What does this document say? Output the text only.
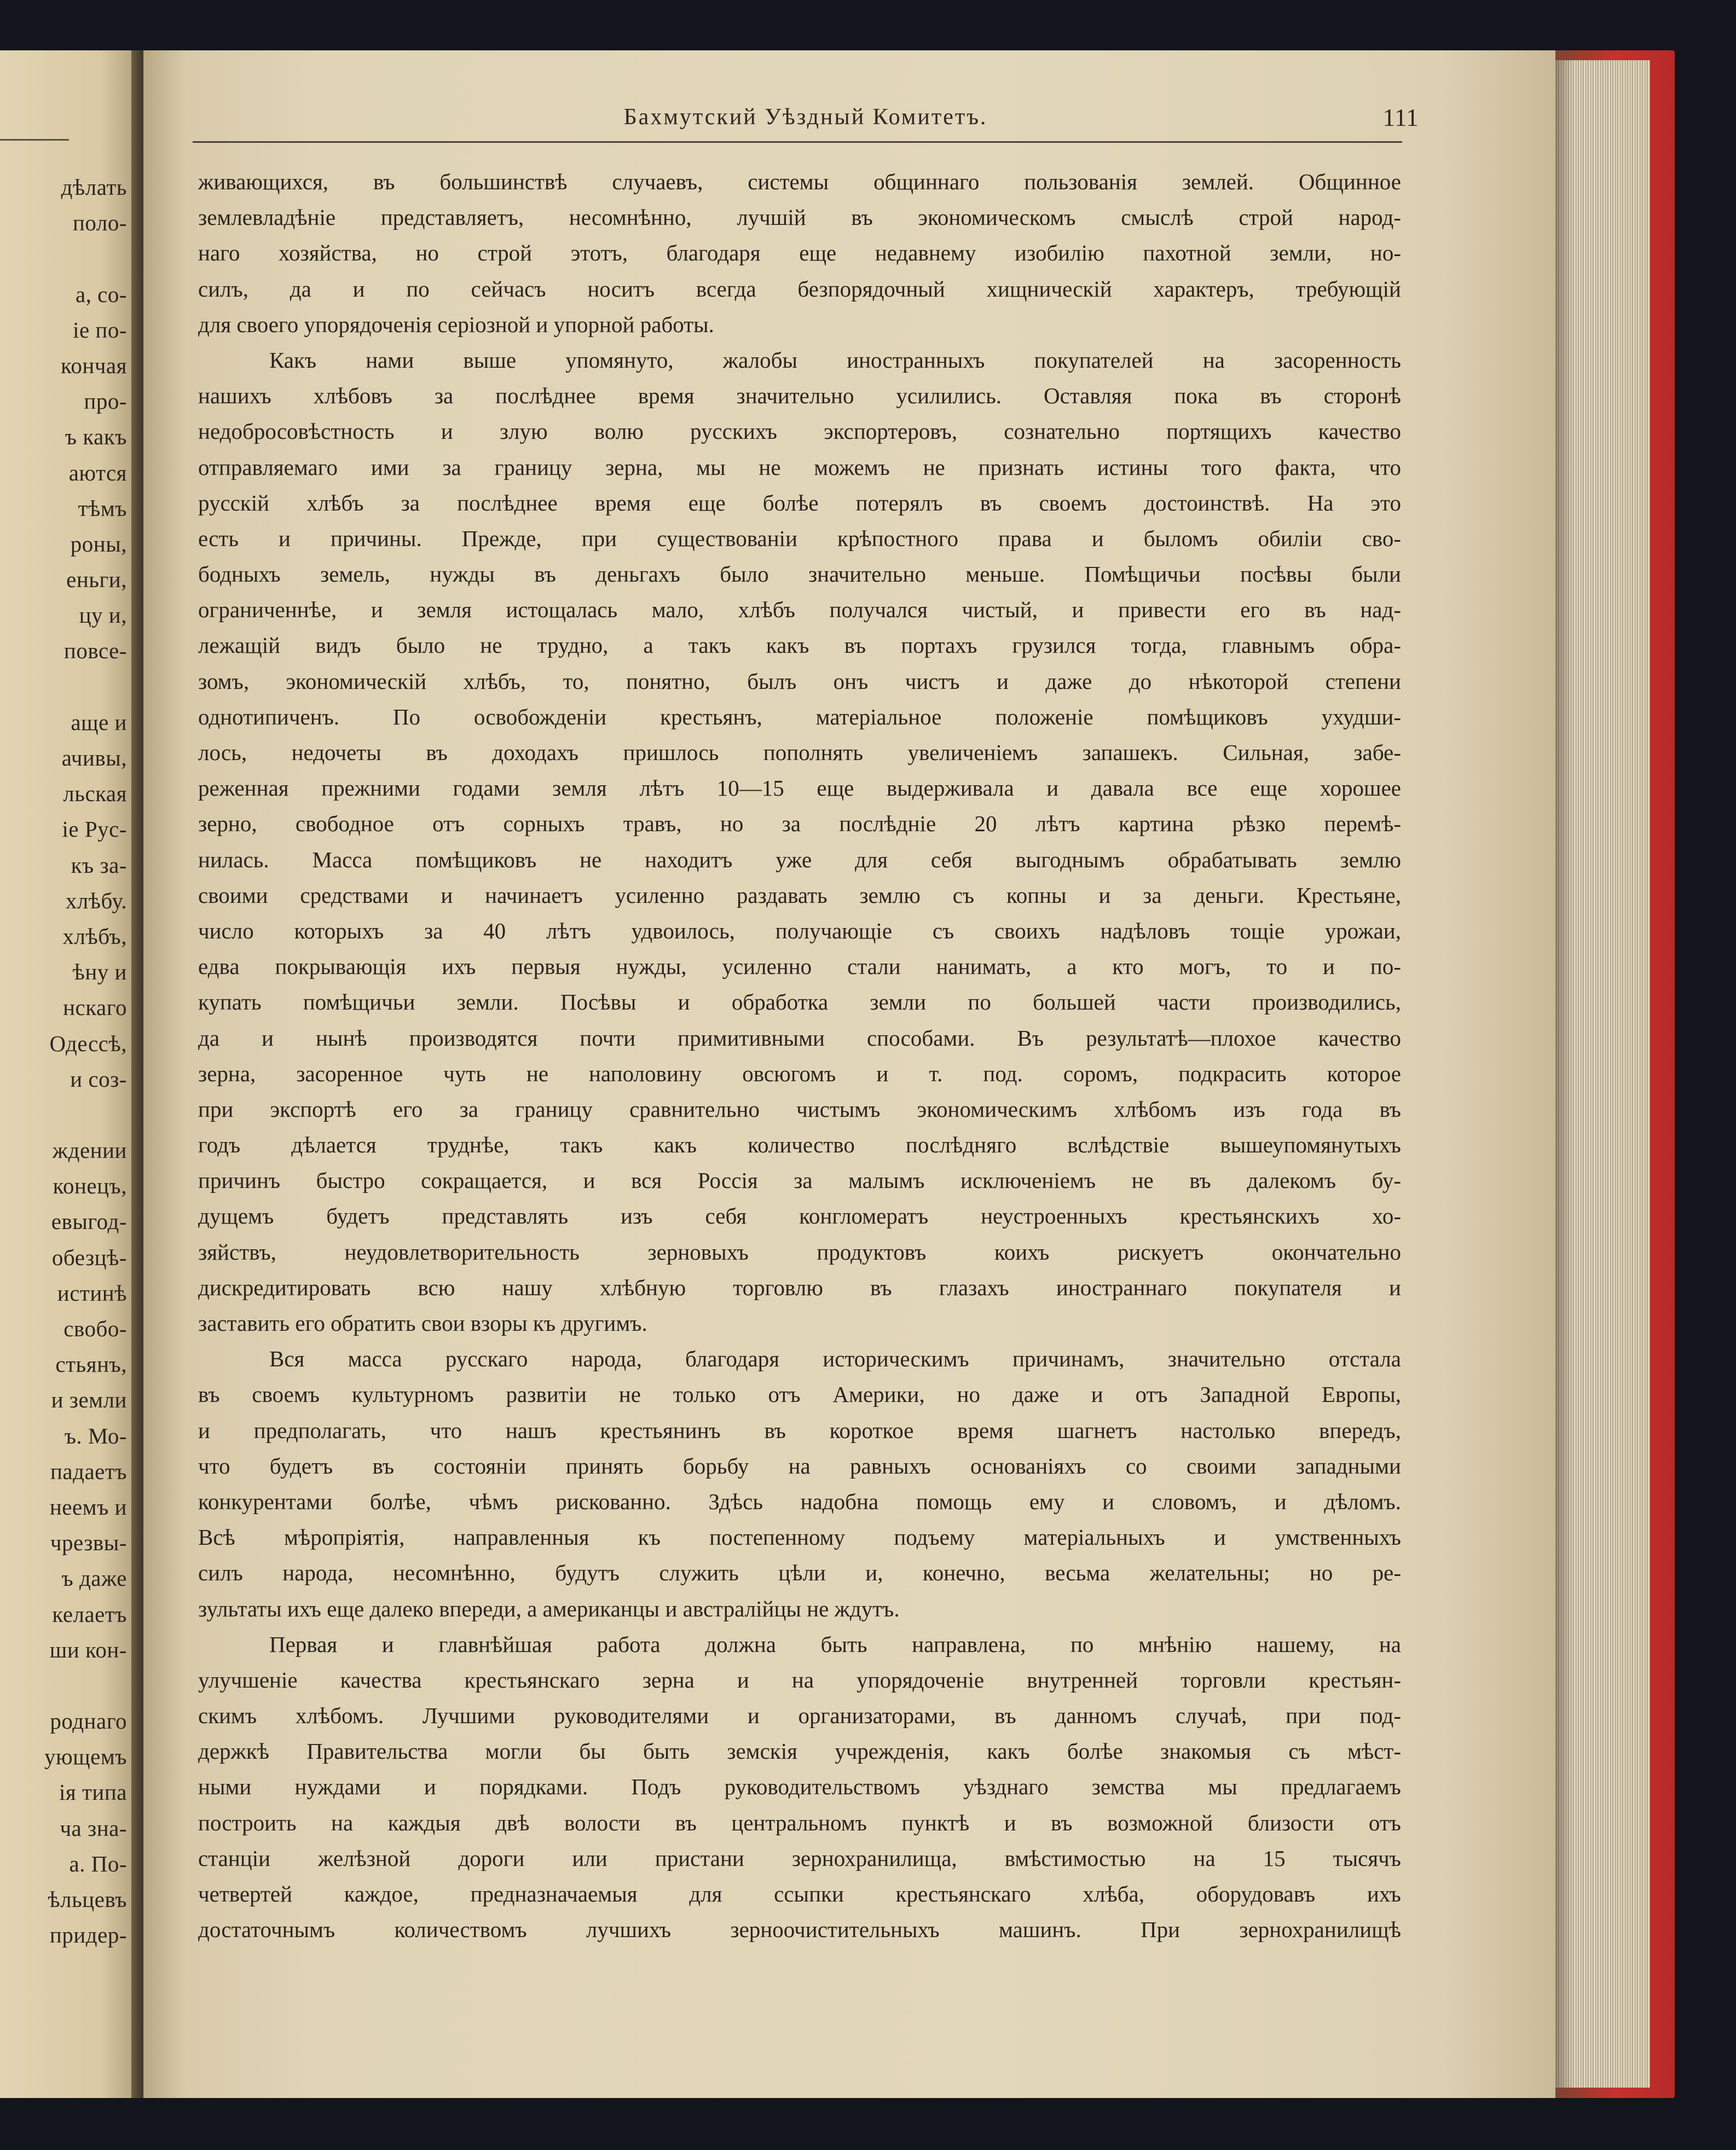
дѣлать
поло-
а, со-
ie по-
кончая
про-
ъ какъ
аются
тѣмъ
роны,
еньги,
цу и,
повсе-
аще и
ачивы,
льская
ie Рус-
къ за-
хлѣбу.
хлѣбъ,
ѣну и
нскаго
Одессѣ,
и соз-
ждении
конецъ,
евыгод-
обезцѣ-
истинѣ
свобо-
стьянъ,
и земли
ъ. Мо-
падаетъ
неемъ и
чрезвы-
ъ даже
келаетъ
ши кон-
роднаго
ующемъ
iя типа
ча зна-
а. По-
ѣльцевъ
придер-
Бахмутский Уѣздный Комитетъ.	111
живающихся, въ большинствѣ случаевъ, системы общиннаго пользованiя землей. Общинное
землевладѣнiе представляетъ, несомнѣнно, лучшiй въ экономическомъ смыслѣ строй народ-
наго хозяйства, но строй этотъ, благодаря еще недавнему изобилiю пахотной земли, но-
силъ, да и по сейчасъ носитъ всегда безпорядочный хищническiй характеръ, требующiй
для своего упорядоченiя серiозной и упорной работы.
Какъ нами выше упомянуто, жалобы иностранныхъ покупателей на засоренность
нашихъ хлѣбовъ за послѣднее время значительно усилились. Оставляя пока въ сторонѣ
недобросовѣстность и злую волю русскихъ экспортеровъ, сознательно портящихъ качество
отправляемаго ими за границу зерна, мы не можемъ не признать истины того факта, что
русскiй хлѣбъ за послѣднее время еще болѣе потерялъ въ своемъ достоинствѣ. На это
есть и причины. Прежде, при существованiи крѣпостного права и быломъ обилiи сво-
бодныхъ земель, нужды въ деньгахъ было значительно меньше. Помѣщичьи посѣвы были
ограниченнѣе, и земля истощалась мало, хлѣбъ получался чистый, и привести его въ над-
лежащiй видъ было не трудно, а такъ какъ въ портахъ грузился тогда, главнымъ обра-
зомъ, экономическiй хлѣбъ, то, понятно, былъ онъ чистъ и даже до нѣкоторой степени
однотипиченъ. По освобожденiи крестьянъ, матерiальное положенiе помѣщиковъ ухудши-
лось, недочеты въ доходахъ пришлось пополнять увеличенiемъ запашекъ. Сильная, забе-
реженная прежними годами земля лѣтъ 10—15 еще выдерживала и давала все еще хорошее
зерно, свободное отъ сорныхъ травъ, но за послѣднiе 20 лѣтъ картина рѣзко перемѣ-
нилась. Масса помѣщиковъ не находитъ уже для себя выгоднымъ обрабатывать землю
своими средствами и начинаетъ усиленно раздавать землю съ копны и за деньги. Крестьяне,
число которыхъ за 40 лѣтъ удвоилось, получающiе съ своихъ надѣловъ тощiе урожаи,
едва покрывающiя ихъ первыя нужды, усиленно стали нанимать, а кто могъ, то и по-
купать помѣщичьи земли. Посѣвы и обработка земли по большей части производились,
да и нынѣ производятся почти примитивными способами. Въ результатѣ—плохое качество
зерна, засоренное чуть не наполовину овсюгомъ и т. под. соромъ, подкрасить которое
при экспортѣ его за границу сравнительно чистымъ экономическимъ хлѣбомъ изъ года въ
годъ дѣлается труднѣе, такъ какъ количество послѣдняго вслѣдствiе вышеупомянутыхъ
причинъ быстро сокращается, и вся Россiя за малымъ исключенiемъ не въ далекомъ бу-
дущемъ будетъ представлять изъ себя конгломератъ неустроенныхъ крестьянскихъ хо-
зяйствъ, неудовлетворительность зерновыхъ продуктовъ коихъ рискуетъ окончательно
дискредитировать всю нашу хлѣбную торговлю въ глазахъ иностраннаго покупателя и
заставить его обратить свои взоры къ другимъ.
Вся масса русскаго народа, благодаря историческимъ причинамъ, значительно отстала
въ своемъ культурномъ развитiи не только отъ Америки, но даже и отъ Западной Европы,
и предполагать, что нашъ крестьянинъ въ короткое время шагнетъ настолько впередъ,
что будетъ въ состоянiи принять борьбу на равныхъ основанiяхъ со своими западными
конкурентами болѣе, чѣмъ рискованно. Здѣсь надобна помощь ему и словомъ, и дѣломъ.
Всѣ мѣропрiятiя, направленныя къ постепенному подъему матерiальныхъ и умственныхъ
силъ народа, несомнѣнно, будутъ служить цѣли и, конечно, весьма желательны; но ре-
зультаты ихъ еще далеко впереди, а американцы и австралiйцы не ждутъ.
Первая и главнѣйшая работа должна быть направлена, по мнѣнiю нашему, на
улучшенiе качества крестьянскаго зерна и на упорядоченiе внутренней торговли крестьян-
скимъ хлѣбомъ. Лучшими руководителями и организаторами, въ данномъ случаѣ, при под-
держкѣ Правительства могли бы быть земскiя учрежденiя, какъ болѣе знакомыя съ мѣст-
ными нуждами и порядками. Подъ руководительствомъ уѣзднаго земства мы предлагаемъ
построить на каждыя двѣ волости въ центральномъ пунктѣ и въ возможной близости отъ
станцiи желѣзной дороги или пристани зернохранилища, вмѣстимостью на 15 тысячъ
четвертей каждое, предназначаемыя для ссыпки крестьянскаго хлѣба, оборудовавъ ихъ
достаточнымъ количествомъ лучшихъ зерноочистительныхъ машинъ. При зернохранилищѣ
